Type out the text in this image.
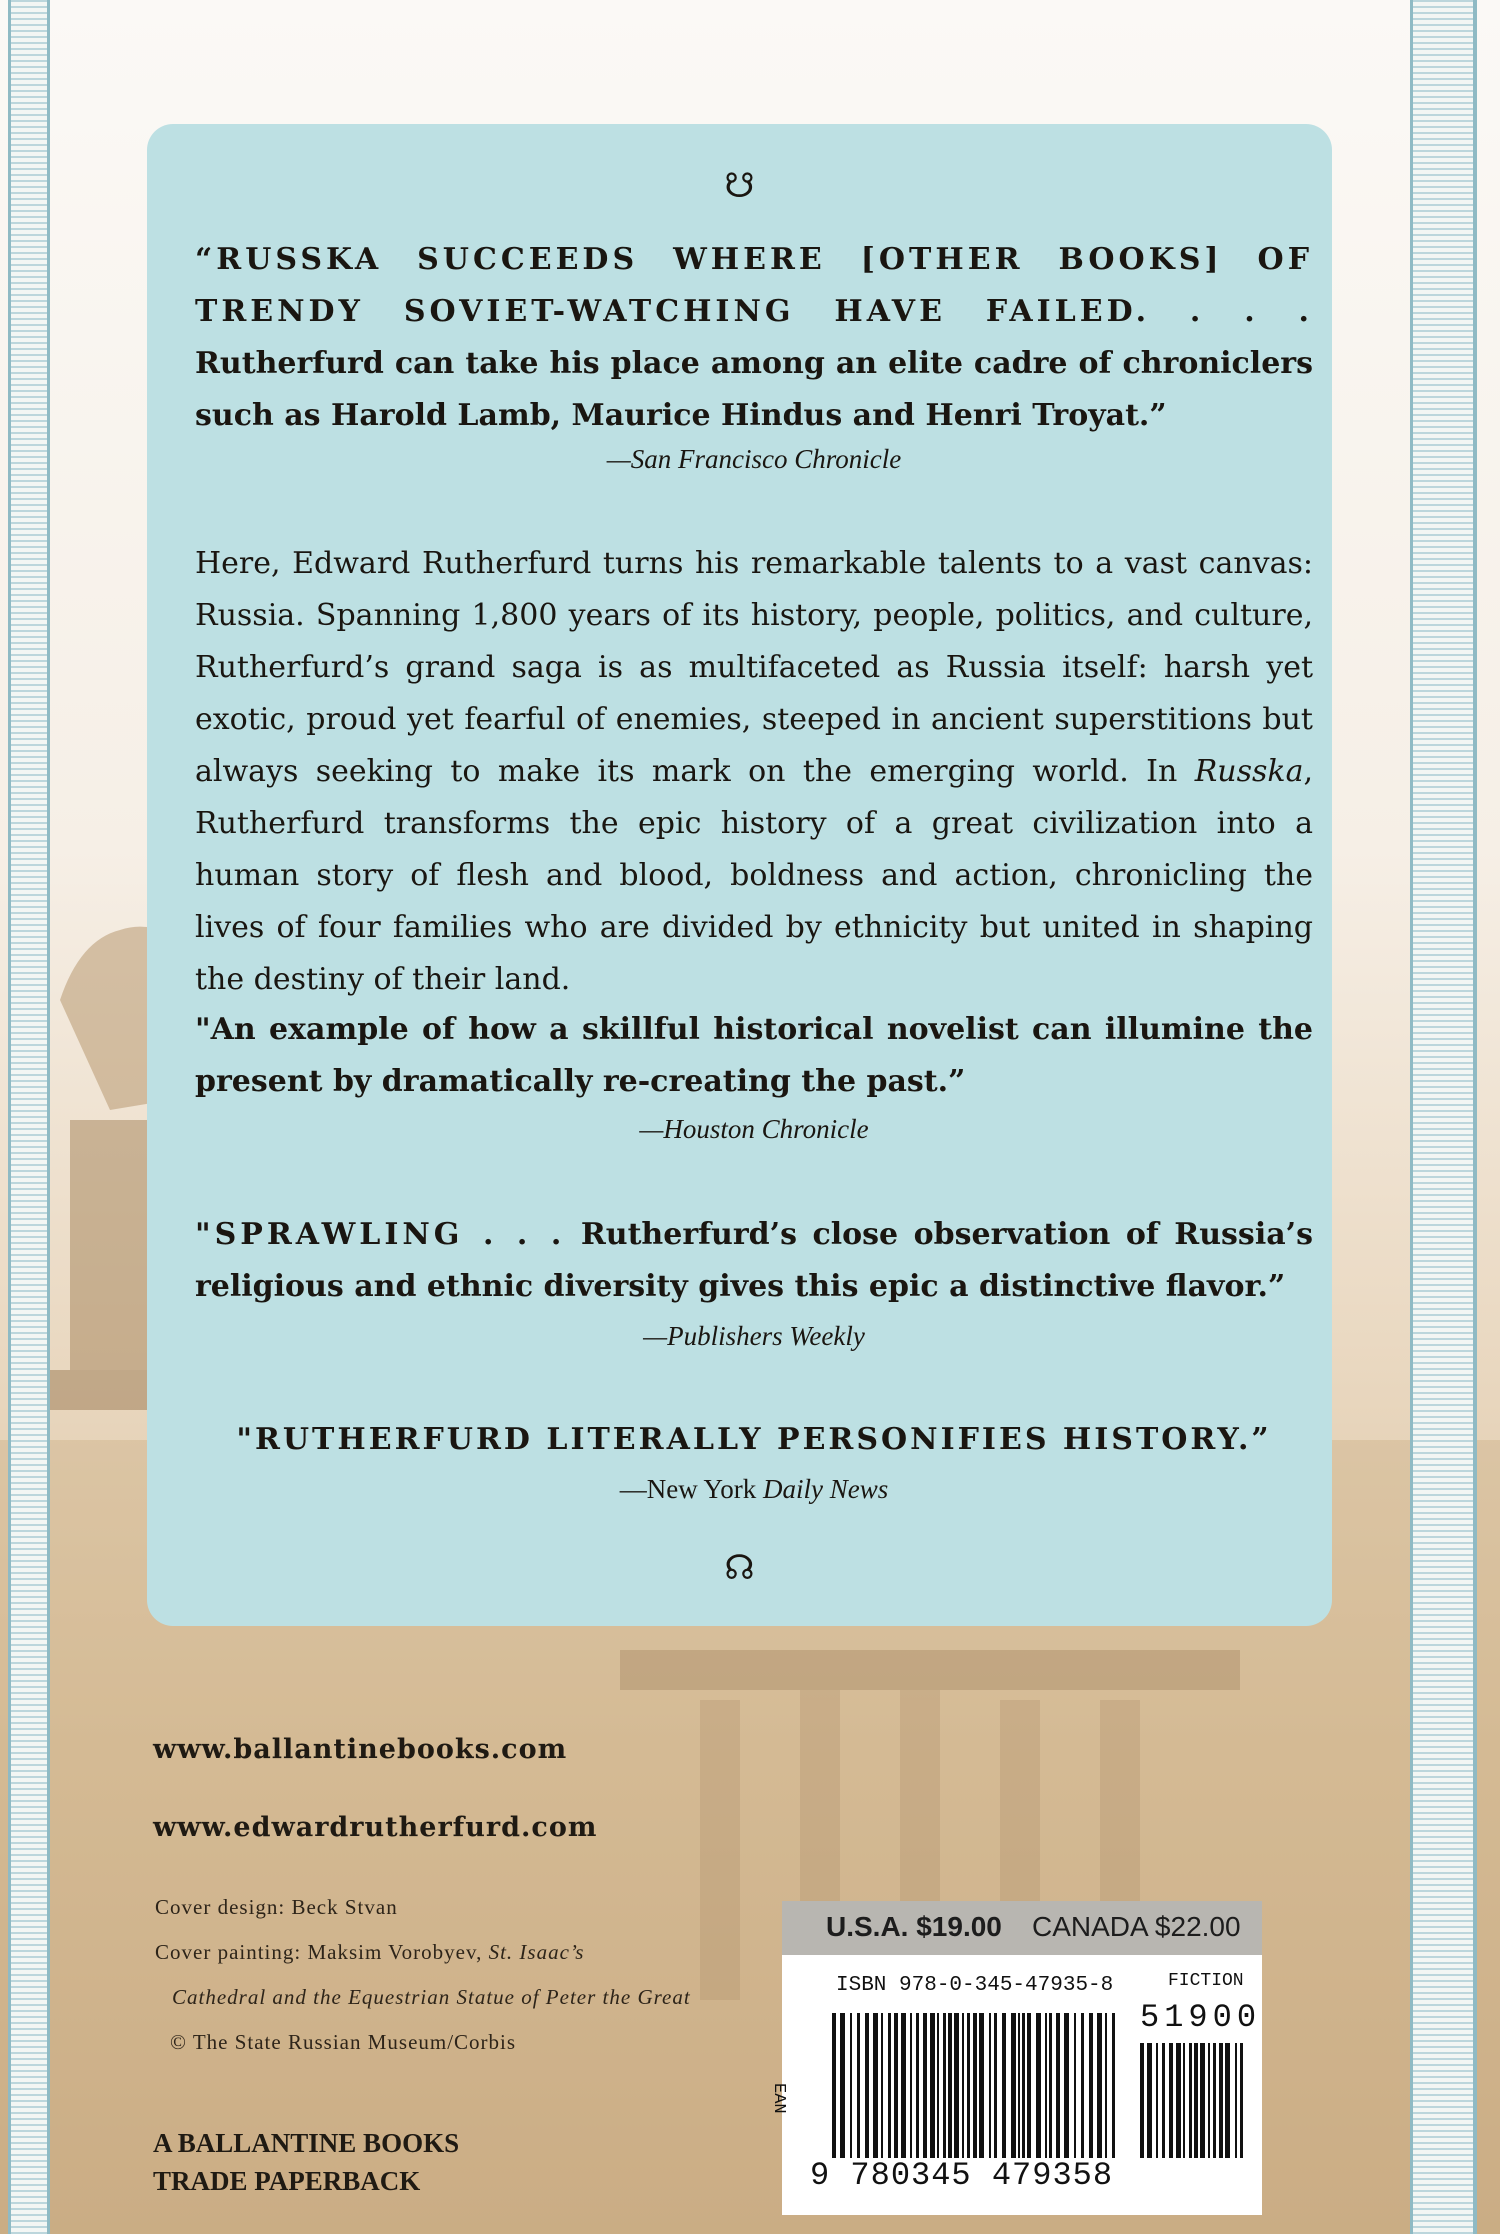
☋

“RUSSKA SUCCEEDS WHERE [OTHER BOOKS] OF TRENDY SOVIET-WATCHING HAVE FAILED. . . . Rutherfurd can take his place among an elite cadre of chroniclers such as Harold Lamb, Maurice Hindus and Henri Troyat.”

—San Francisco Chronicle

Here, Edward Rutherfurd turns his remarkable talents to a vast canvas: Russia. Spanning 1,800 years of its history, people, politics, and culture, Rutherfurd’s grand saga is as multifaceted as Russia itself: harsh yet exotic, proud yet fearful of enemies, steeped in ancient superstitions but always seeking to make its mark on the emerging world. In Russka, Rutherfurd transforms the epic history of a great civilization into a human story of flesh and blood, boldness and action, chronicling the lives of four families who are divided by ethnicity but united in shaping the destiny of their land.

"An example of how a skillful historical novelist can illumine the present by dramatically re-creating the past.”

—Houston Chronicle

"SPRAWLING . . . Rutherfurd’s close observation of Russia’s religious and ethnic diversity gives this epic a distinctive flavor.”

—Publishers Weekly

"RUTHERFURD LITERALLY PERSONIFIES HISTORY.”

—New York Daily News

☊

www.ballantinebooks.com

www.edwardrutherfurd.com

Cover design: Beck Stvan

Cover painting: Maksim Vorobyev, St. Isaac’s

Cathedral and the Equestrian Statue of Peter the Great

© The State Russian Museum/Corbis

A BALLANTINE BOOKS
TRADE PAPERBACK

U.S.A. $19.00 CANADA $22.00

ISBN 978-0-345-47935-8	FICTION

51900

EAN

9 780345 479358
